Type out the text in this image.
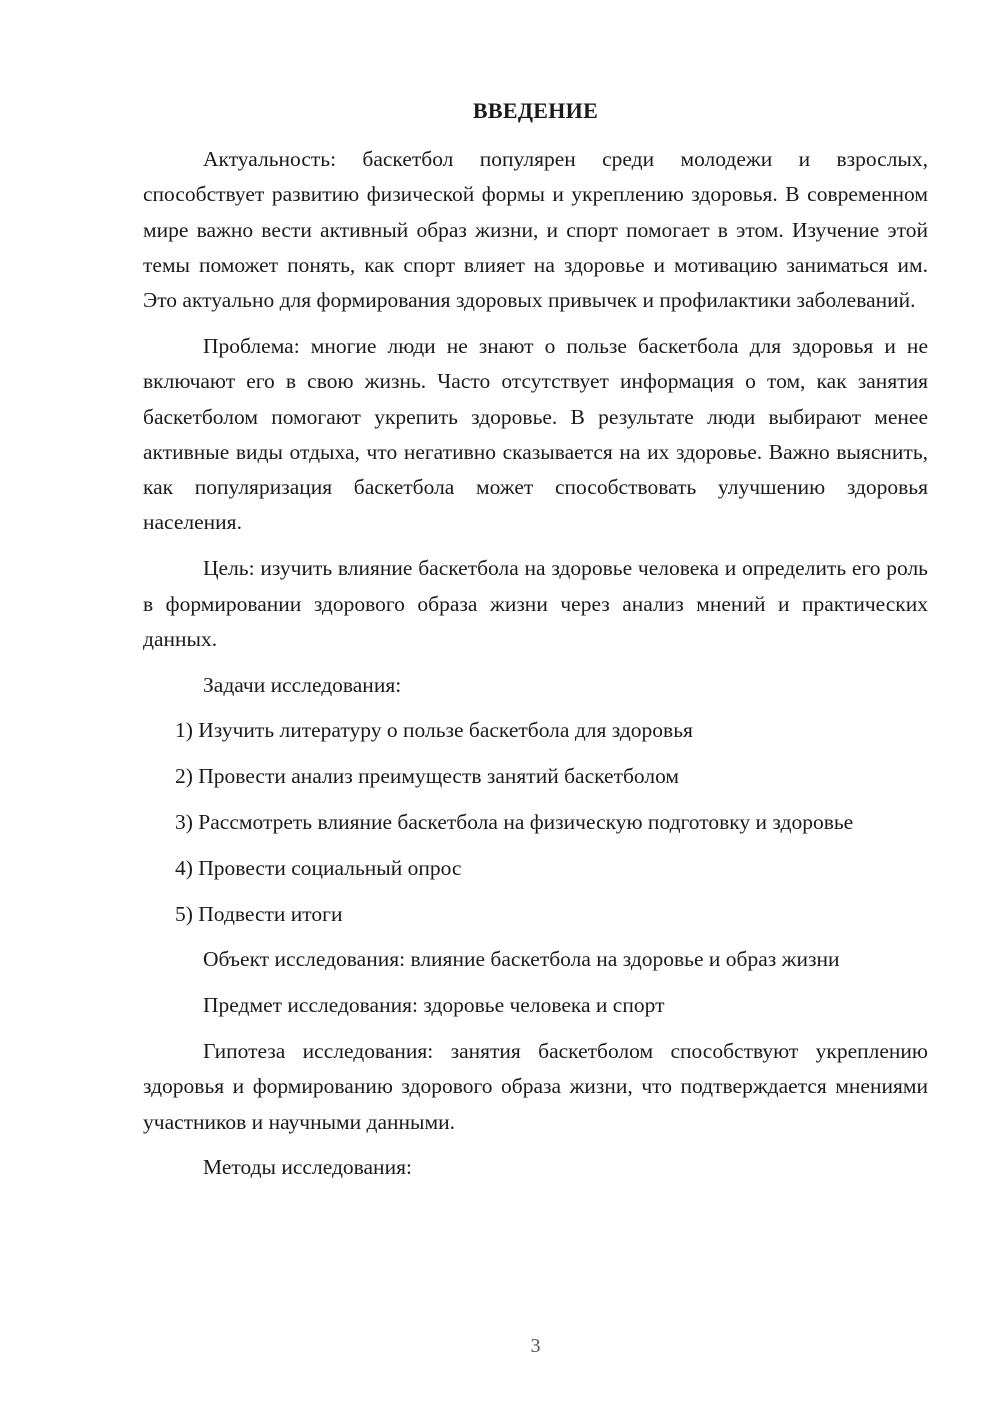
ВВЕДЕНИЕ

Актуальность: баскетбол популярен среди молодежи и взрослых, способствует развитию физической формы и укреплению здоровья. В современном мире важно вести активный образ жизни, и спорт помогает в этом. Изучение этой темы поможет понять, как спорт влияет на здоровье и мотивацию заниматься им. Это актуально для формирования здоровых привычек и профилактики заболеваний.

Проблема: многие люди не знают о пользе баскетбола для здоровья и не включают его в свою жизнь. Часто отсутствует информация о том, как занятия баскетболом помогают укрепить здоровье. В результате люди выбирают менее активные виды отдыха, что негативно сказывается на их здоровье. Важно выяснить, как популяризация баскетбола может способствовать улучшению здоровья населения.

Цель: изучить влияние баскетбола на здоровье человека и определить его роль в формировании здорового образа жизни через анализ мнений и практических данных.

Задачи исследования:

1) Изучить литературу о пользе баскетбола для здоровья

2) Провести анализ преимуществ занятий баскетболом

3) Рассмотреть влияние баскетбола на физическую подготовку и здоровье

4) Провести социальный опрос

5) Подвести итоги

Объект исследования: влияние баскетбола на здоровье и образ жизни

Предмет исследования: здоровье человека и спорт

Гипотеза исследования: занятия баскетболом способствуют укреплению здоровья и формированию здорового образа жизни, что подтверждается мнениями участников и научными данными.

Методы исследования:

3
